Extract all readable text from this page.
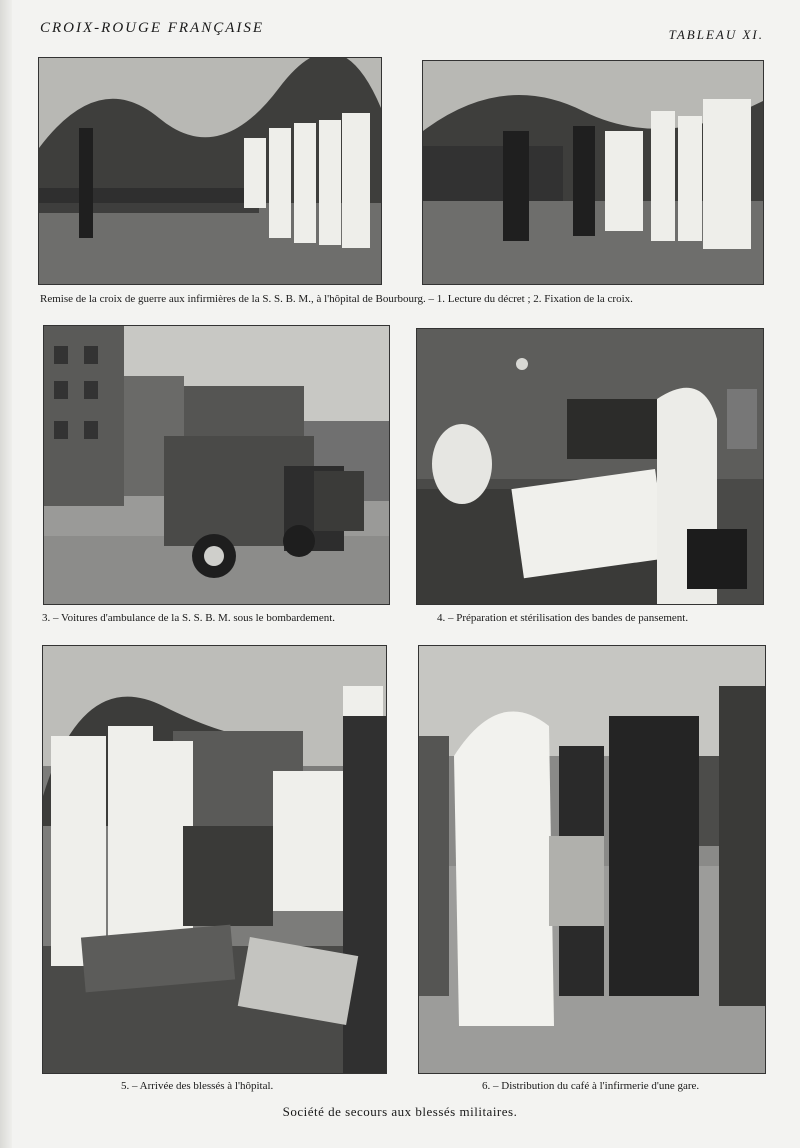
CROIX-ROUGE FRANÇAISE	TABLEAU XI.
Remise de la croix de guerre aux infirmières de la S. S. B. M., à l'hôpital de Bourbourg. – 1. Lecture du décret ; 2. Fixation de la croix.
3. – Voitures d'ambulance de la S. S. B. M. sous le bombardement.	4. – Préparation et stérilisation des bandes de pansement.
5. – Arrivée des blessés à l'hôpital.	6. – Distribution du café à l'infirmerie d'une gare.
Société de secours aux blessés militaires.
